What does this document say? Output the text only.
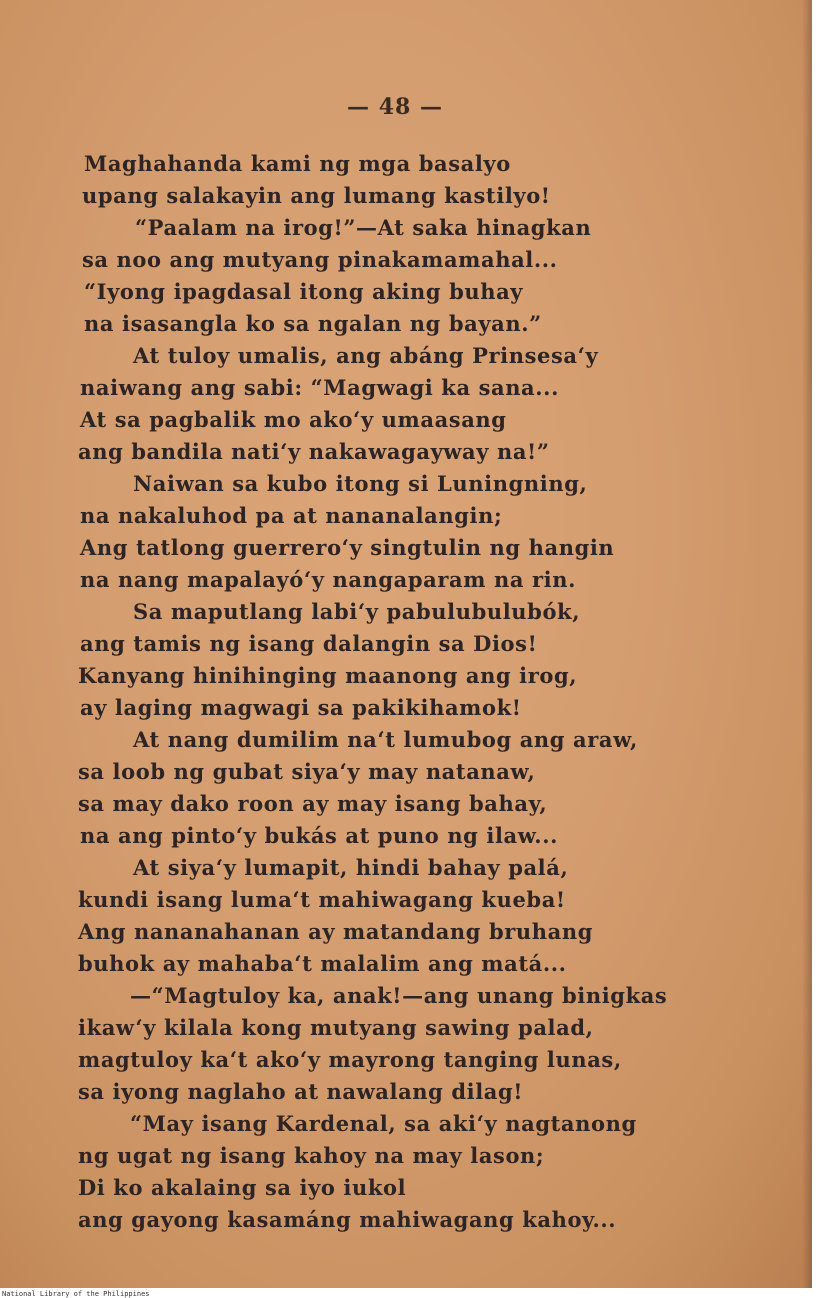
— 48 —
Maghahanda kami ng mga basalyo
upang salakayin ang lumang kastilyo!
“Paalam na irog!”—At saka hinagkan
sa noo ang mutyang pinakamamahal...
“Iyong ipagdasal itong aking buhay
na isasangla ko sa ngalan ng bayan.”
At tuloy umalis, ang abáng Prinsesa‘y
naiwang ang sabi: “Magwagi ka sana...
At sa pagbalik mo ako‘y umaasang
ang bandila nati‘y nakawagayway na!”
Naiwan sa kubo itong si Luningning,
na nakaluhod pa at nananalangin;
Ang tatlong guerrero‘y singtulin ng hangin
na nang mapalayó‘y nangaparam na rin.
Sa maputlang labi‘y pabulubulubók,
ang tamis ng isang dalangin sa Dios!
Kanyang hinihinging maanong ang irog,
ay laging magwagi sa pakikihamok!
At nang dumilim na‘t lumubog ang araw,
sa loob ng gubat siya‘y may natanaw,
sa may dako roon ay may isang bahay,
na ang pinto‘y bukás at puno ng ilaw...
At siya‘y lumapit, hindi bahay palá,
kundi isang luma‘t mahiwagang kueba!
Ang nananahanan ay matandang bruhang
buhok ay mahaba‘t malalim ang matá...
—“Magtuloy ka, anak!—ang unang binigkas
ikaw‘y kilala kong mutyang sawing palad,
magtuloy ka‘t ako‘y mayrong tanging lunas,
sa iyong naglaho at nawalang dilag!
“May isang Kardenal, sa aki‘y nagtanong
ng ugat ng isang kahoy na may lason;
Di ko akalaing sa iyo iukol
ang gayong kasamáng mahiwagang kahoy...
National Library of the Philippines
